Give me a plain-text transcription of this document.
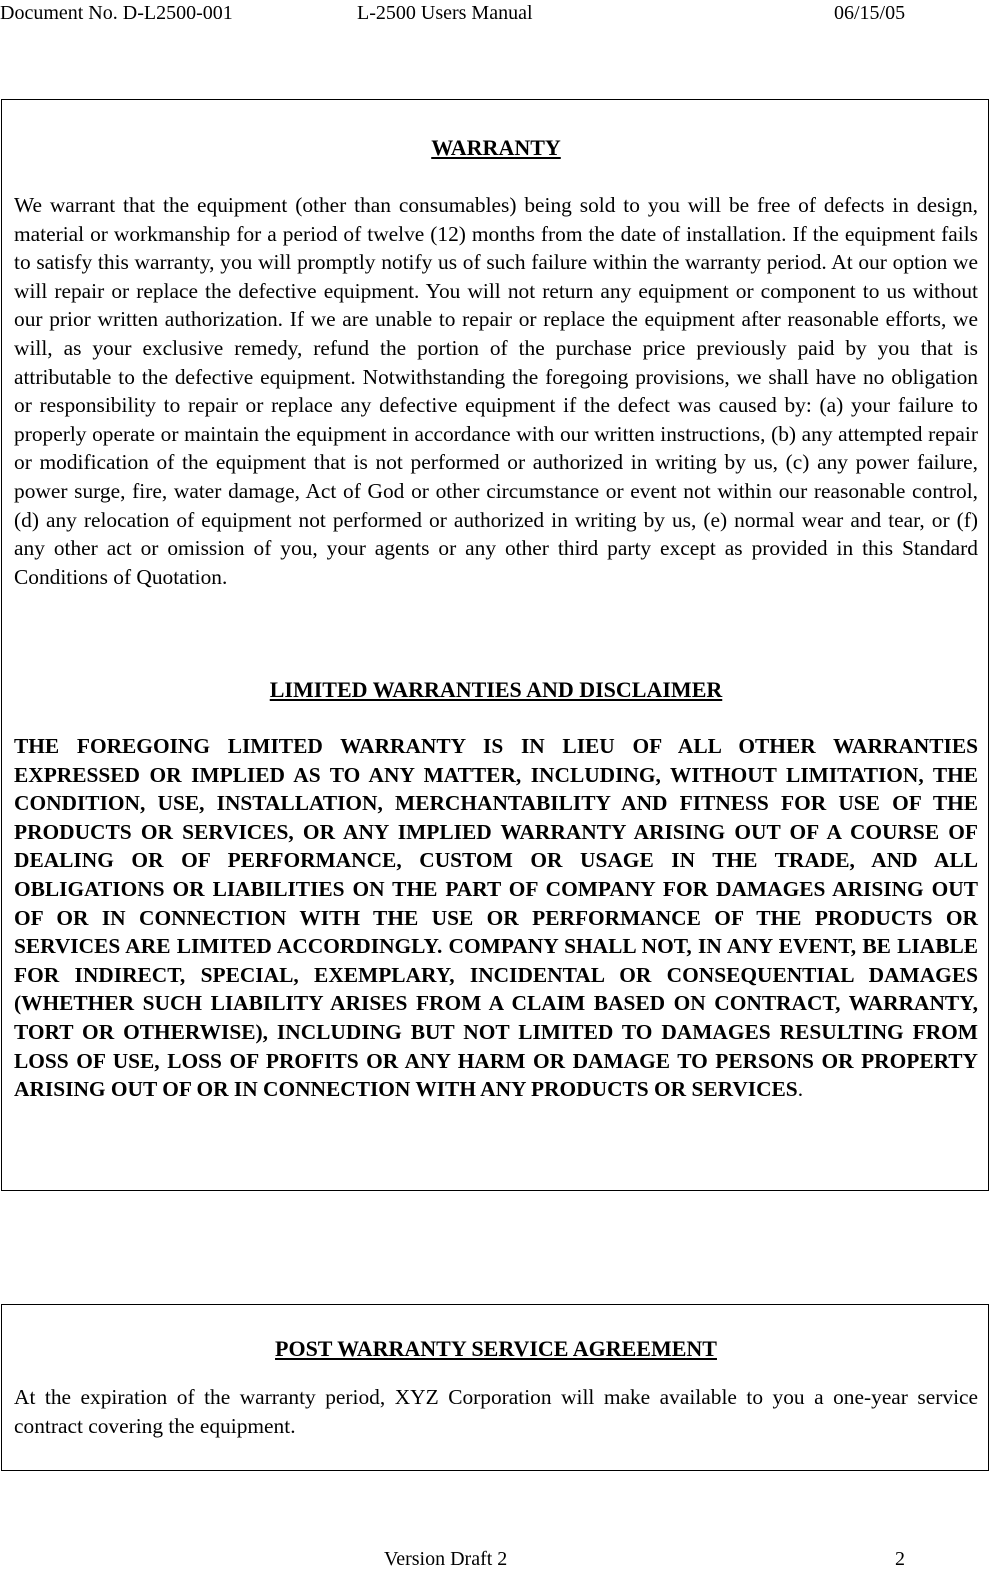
Document No. D-L2500-001	L-2500 Users Manual	06/15/05
WARRANTY

We warrant that the equipment (other than consumables) being sold to you will be free of defects in design, material or workmanship for a period of twelve (12) months from the date of installation. If the equipment fails to satisfy this warranty, you will promptly notify us of such failure within the warranty period. At our option we will repair or replace the defective equipment. You will not return any equipment or component to us without our prior written authorization. If we are unable to repair or replace the equipment after reasonable efforts, we will, as your exclusive remedy, refund the portion of the purchase price previously paid by you that is attributable to the defective equipment. Notwithstanding the foregoing provisions, we shall have no obligation or responsibility to repair or replace any defective equipment if the defect was caused by: (a) your failure to properly operate or maintain the equipment in accordance with our written instructions, (b) any attempted repair or modification of the equipment that is not performed or authorized in writing by us, (c) any power failure, power surge, fire, water damage, Act of God or other circumstance or event not within our reasonable control, (d) any relocation of equipment not performed or authorized in writing by us, (e) normal wear and tear, or (f) any other act or omission of you, your agents or any other third party except as provided in this Standard Conditions of Quotation.

LIMITED WARRANTIES AND DISCLAIMER

THE FOREGOING LIMITED WARRANTY IS IN LIEU OF ALL OTHER WARRANTIES EXPRESSED OR IMPLIED AS TO ANY MATTER, INCLUDING, WITHOUT LIMITATION, THE CONDITION, USE, INSTALLATION, MERCHANTABILITY AND FITNESS FOR USE OF THE PRODUCTS OR SERVICES, OR ANY IMPLIED WARRANTY ARISING OUT OF A COURSE OF DEALING OR OF PERFORMANCE, CUSTOM OR USAGE IN THE TRADE, AND ALL OBLIGATIONS OR LIABILITIES ON THE PART OF COMPANY FOR DAMAGES ARISING OUT OF OR IN CONNECTION WITH THE USE OR PERFORMANCE OF THE PRODUCTS OR SERVICES ARE LIMITED ACCORDINGLY. COMPANY SHALL NOT, IN ANY EVENT, BE LIABLE FOR INDIRECT, SPECIAL, EXEMPLARY, INCIDENTAL OR CONSEQUENTIAL DAMAGES (WHETHER SUCH LIABILITY ARISES FROM A CLAIM BASED ON CONTRACT, WARRANTY, TORT OR OTHERWISE), INCLUDING BUT NOT LIMITED TO DAMAGES RESULTING FROM LOSS OF USE, LOSS OF PROFITS OR ANY HARM OR DAMAGE TO PERSONS OR PROPERTY ARISING OUT OF OR IN CONNECTION WITH ANY PRODUCTS OR SERVICES.

POST WARRANTY SERVICE AGREEMENT

At the expiration of the warranty period, XYZ Corporation will make available to you a one-year service contract covering the equipment.

Version Draft 2	2
